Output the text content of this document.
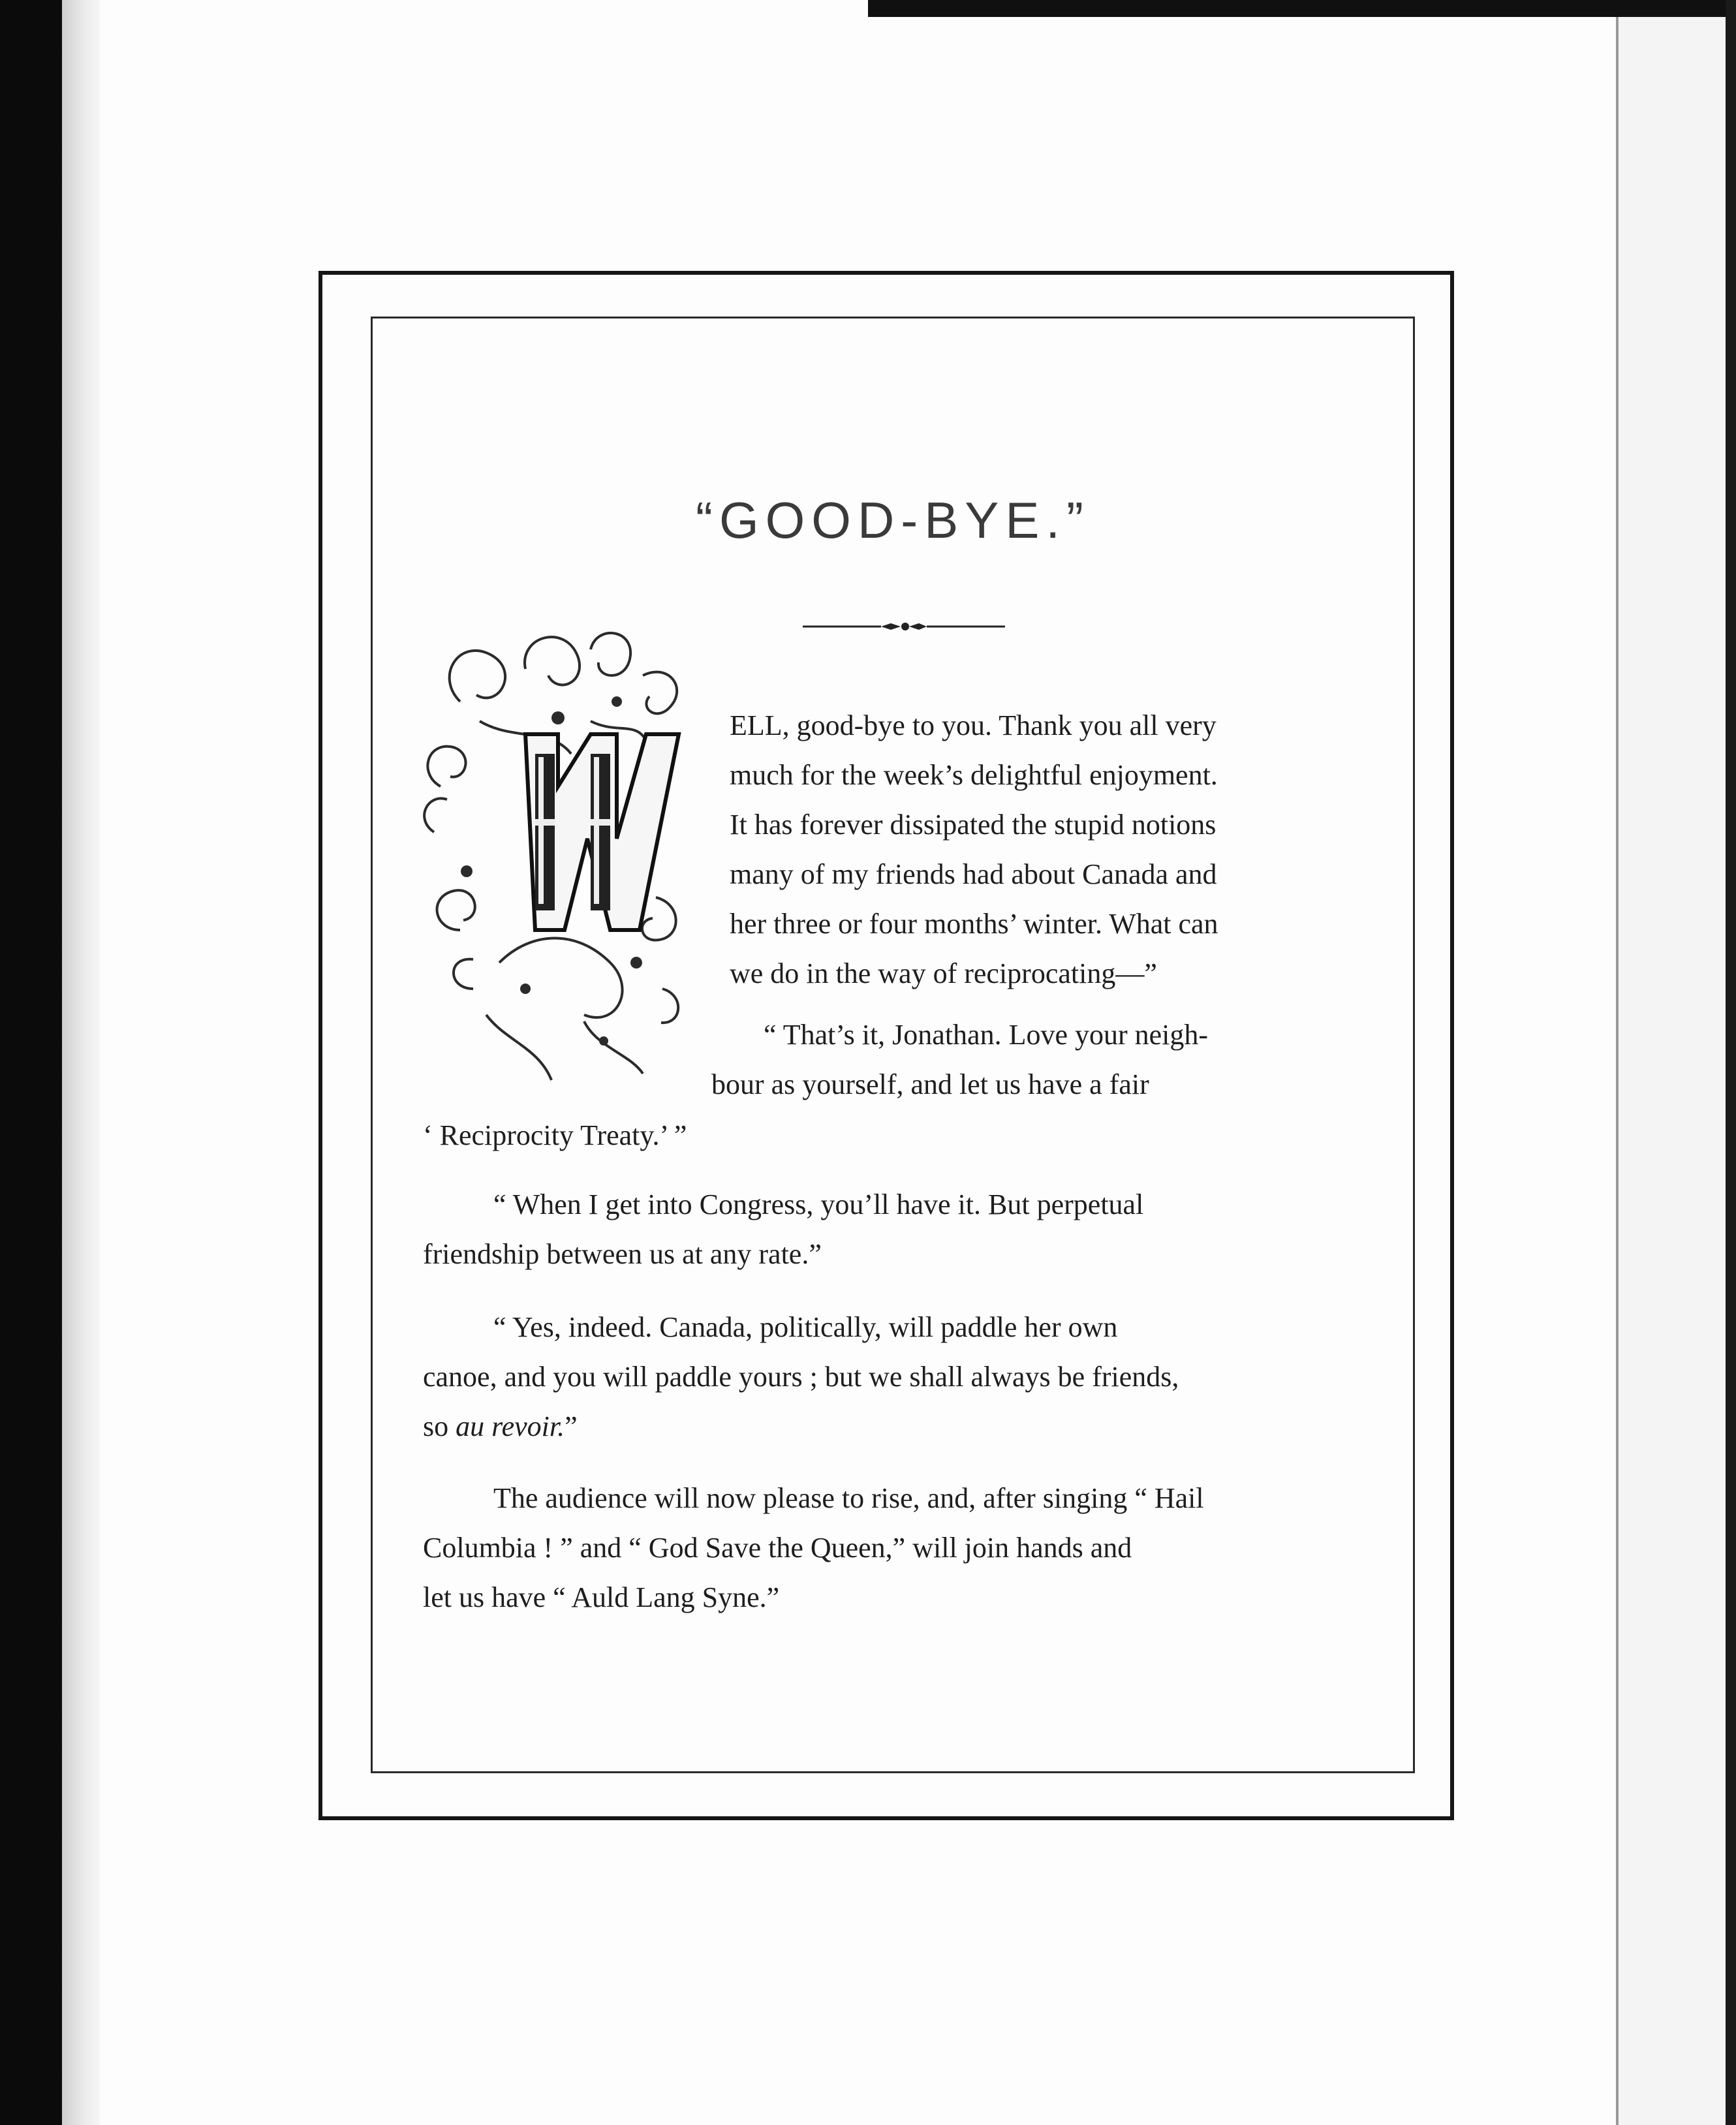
“GOOD-BYE.”
ELL, good-bye to you. Thank you all very
much for the week’s delightful enjoyment.
It has forever dissipated the stupid notions
many of my friends had about Canada and
her three or four months’ winter. What can
we do in the way of reciprocating—”
“ That’s it, Jonathan. Love your neigh-
bour as yourself, and let us have a fair
‘ Reciprocity Treaty.’ ”
“ When I get into Congress, you’ll have it. But perpetual
friendship between us at any rate.”
“ Yes, indeed. Canada, politically, will paddle her own
canoe, and you will paddle yours ; but we shall always be friends,
so au revoir.”
The audience will now please to rise, and, after singing “ Hail
Columbia ! ” and “ God Save the Queen,” will join hands and
let us have “ Auld Lang Syne.”
